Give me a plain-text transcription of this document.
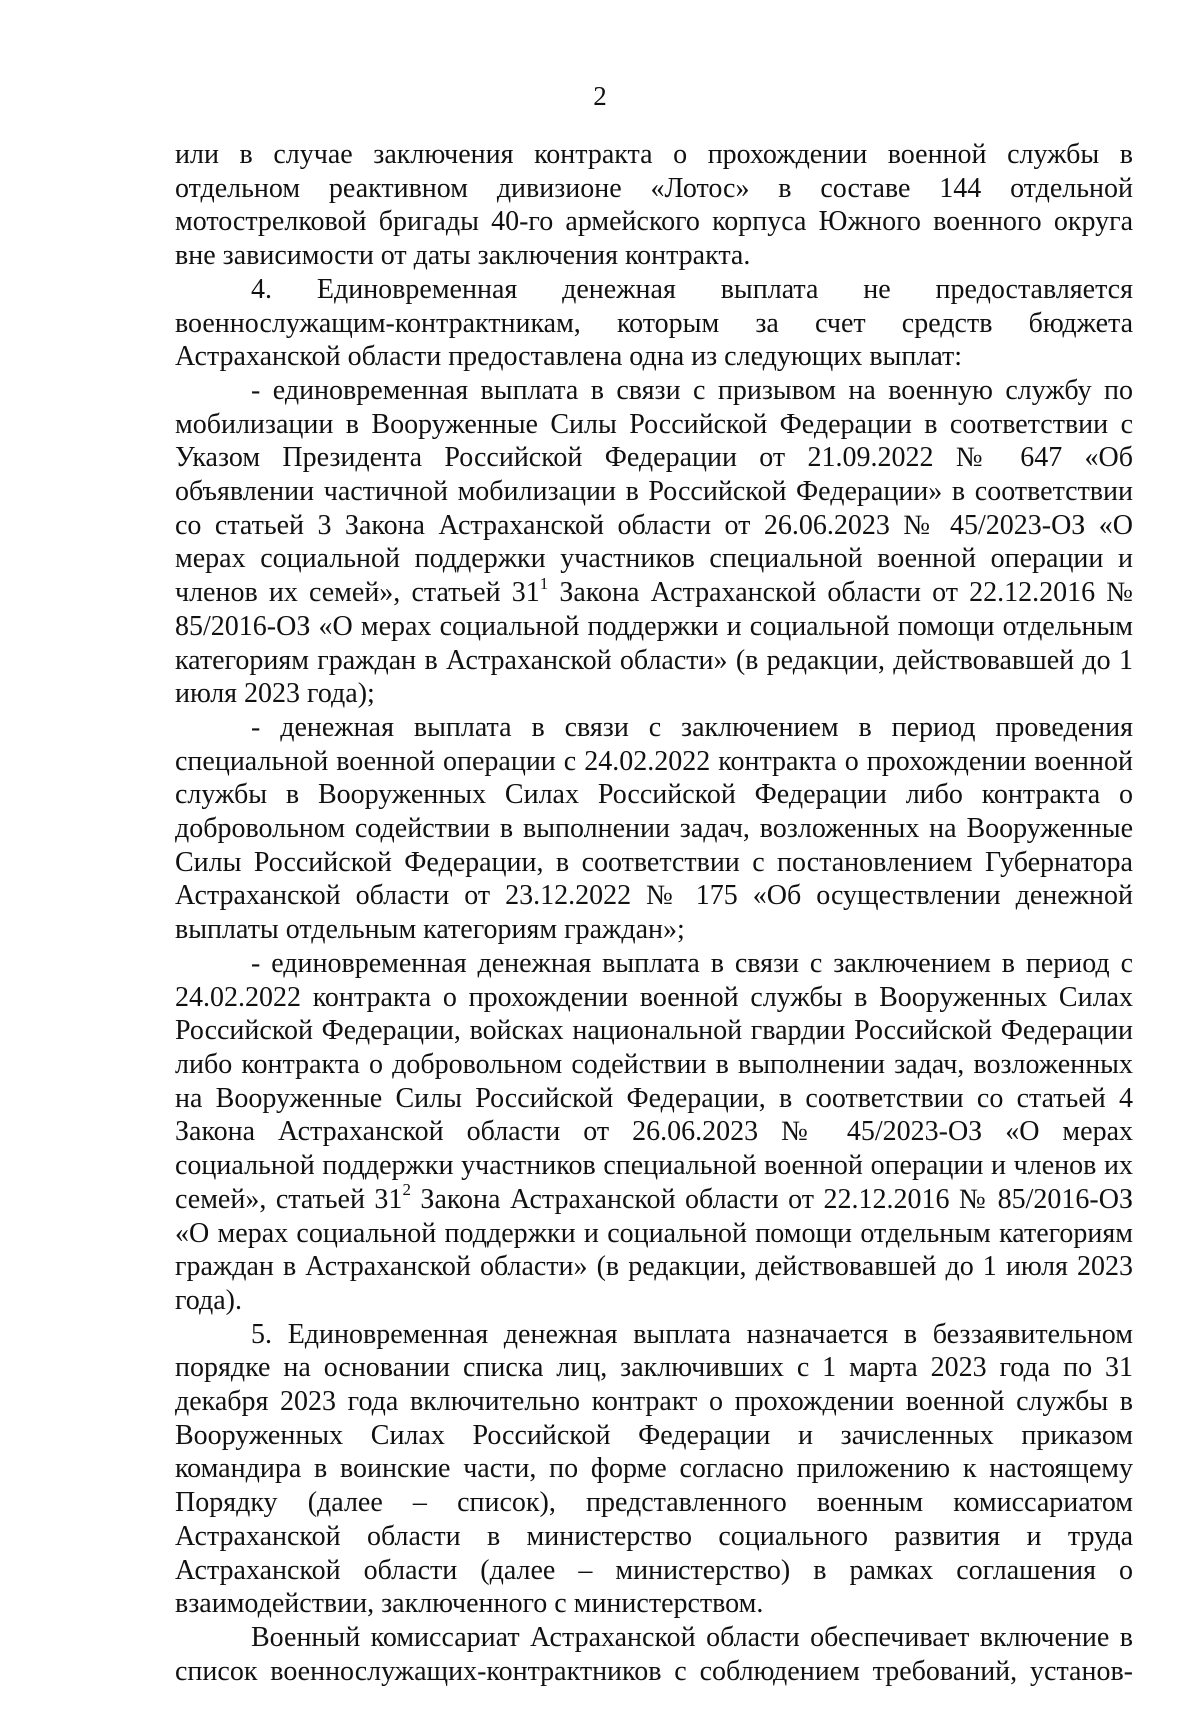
2

или в случае заключения контракта о прохождении военной службы в отдельном реактивном дивизионе «Лотос» в составе 144 отдельной мотострелковой бригады 40-го армейского корпуса Южного военного округа вне зависимости от даты заключения контракта.

4. Единовременная денежная выплата не предоставляется военнослужащим-контрактникам, которым за счет средств бюджета Астраханской области предоставлена одна из следующих выплат:

- единовременная выплата в связи с призывом на военную службу по мобилизации в Вооруженные Силы Российской Федерации в соответствии с Указом Президента Российской Федерации от 21.09.2022 № 647 «Об объявлении частичной мобилизации в Российской Федерации» в соответствии со статьей 3 Закона Астраханской области от 26.06.2023 № 45/2023-ОЗ «О мерах социальной поддержки участников специальной военной операции и членов их семей», статьей $31^1$ Закона Астраханской области от 22.12.2016 № 85/2016-ОЗ «О мерах социальной поддержки и социальной помощи отдельным категориям граждан в Астраханской области» (в редакции, действовавшей до 1 июля 2023 года);

- денежная выплата в связи с заключением в период проведения специальной военной операции с 24.02.2022 контракта о прохождении военной службы в Вооруженных Силах Российской Федерации либо контракта о добровольном содействии в выполнении задач, возложенных на Вооруженные Силы Российской Федерации, в соответствии с постановлением Губернатора Астраханской области от 23.12.2022 № 175 «Об осуществлении денежной выплаты отдельным категориям граждан»;

- единовременная денежная выплата в связи с заключением в период с 24.02.2022 контракта о прохождении военной службы в Вооруженных Силах Российской Федерации, войсках национальной гвардии Российской Федерации либо контракта о добровольном содействии в выполнении задач, возложенных на Вооруженные Силы Российской Федерации, в соответствии со статьей 4 Закона Астраханской области от 26.06.2023 № 45/2023-ОЗ «О мерах социальной поддержки участников специальной военной операции и членов их семей», статьей $31^2$ Закона Астраханской области от 22.12.2016 № 85/2016-ОЗ «О мерах социальной поддержки и социальной помощи отдельным категориям граждан в Астраханской области» (в редакции, действовавшей до 1 июля 2023 года).

5. Единовременная денежная выплата назначается в беззаявительном порядке на основании списка лиц, заключивших с 1 марта 2023 года по 31 декабря 2023 года включительно контракт о прохождении военной службы в Вооруженных Силах Российской Федерации и зачисленных приказом командира в воинские части, по форме согласно приложению к настоящему Порядку (далее – список), представленного военным комиссариатом Астраханской области в министерство социального развития и труда Астраханской области (далее – министерство) в рамках соглашения о взаимодействии, заключенного с министерством.

Военный комиссариат Астраханской области обеспечивает включение в список военнослужащих-контрактников с соблюдением требований, установ-
